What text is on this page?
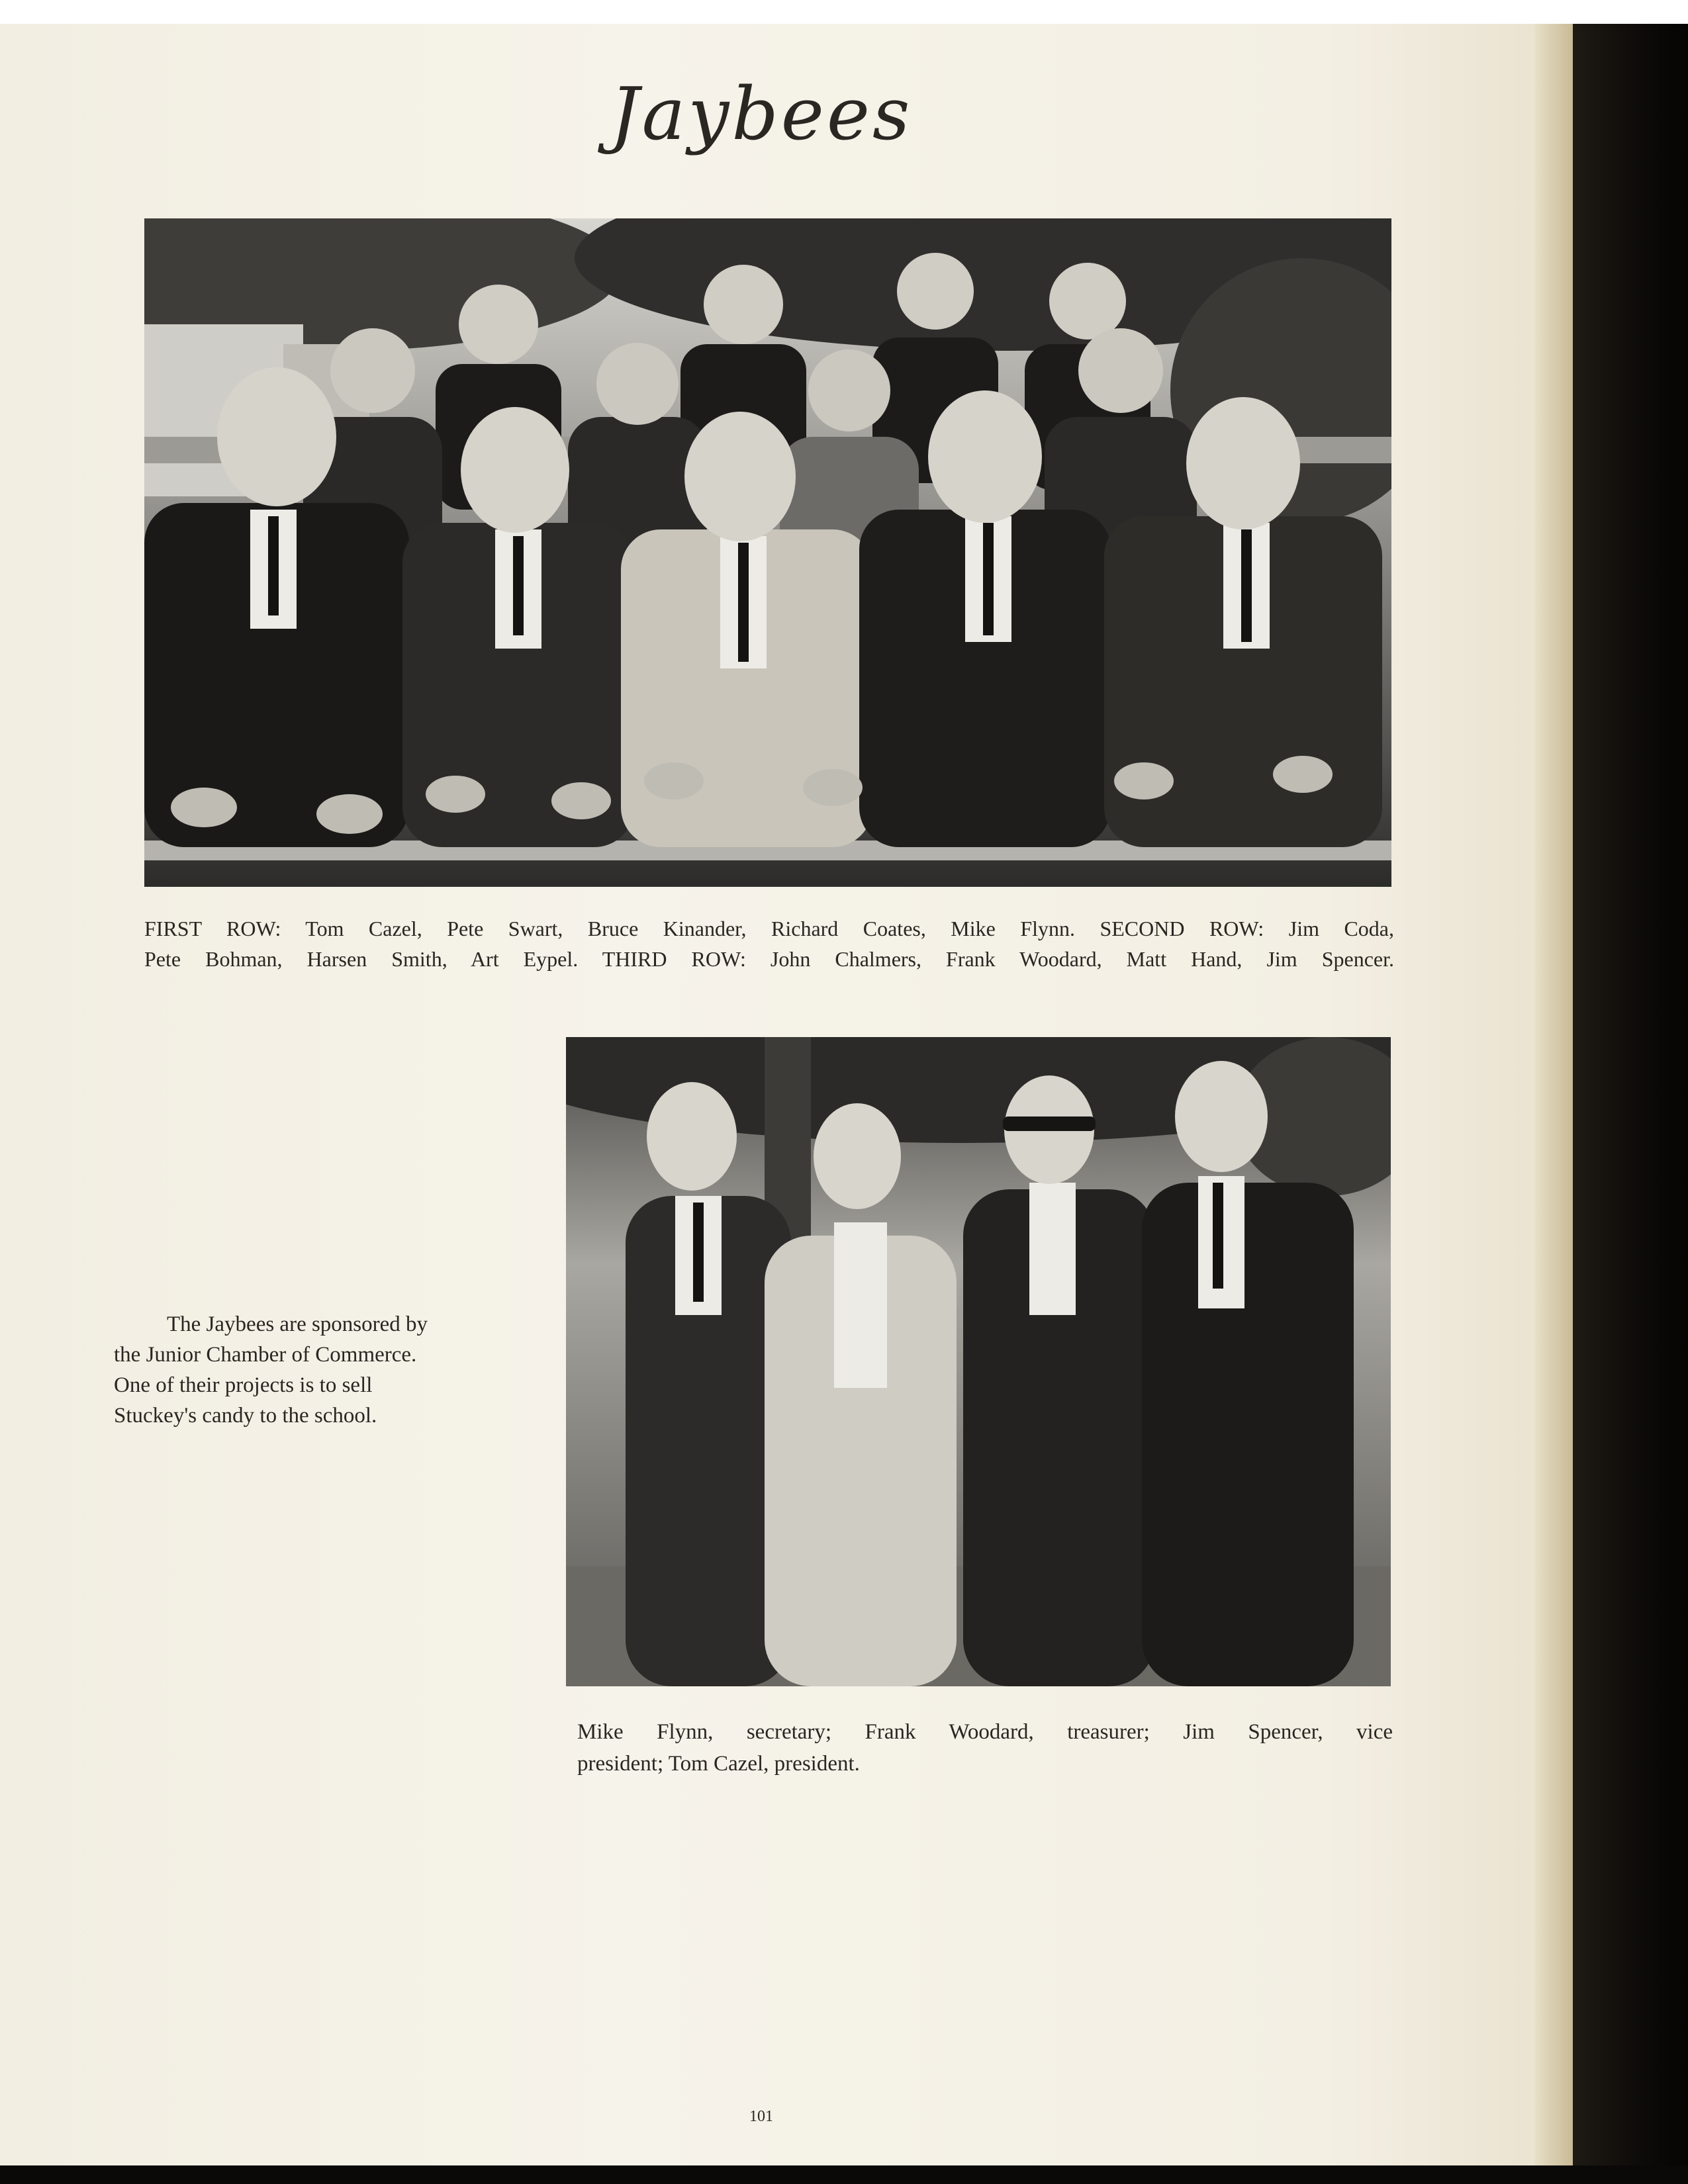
Jaybees
FIRST ROW: Tom Cazel, Pete Swart, Bruce Kinander, Richard Coates, Mike Flynn. SECOND ROW: Jim Coda,
Pete Bohman, Harsen Smith, Art Eypel. THIRD ROW: John Chalmers, Frank Woodard, Matt Hand, Jim Spencer.
The Jaybees are sponsored by
the Junior Chamber of Commerce.
One of their projects is to sell
Stuckey's candy to the school.
Mike Flynn, secretary; Frank Woodard, treasurer; Jim Spencer, vice
president; Tom Cazel, president.
101
